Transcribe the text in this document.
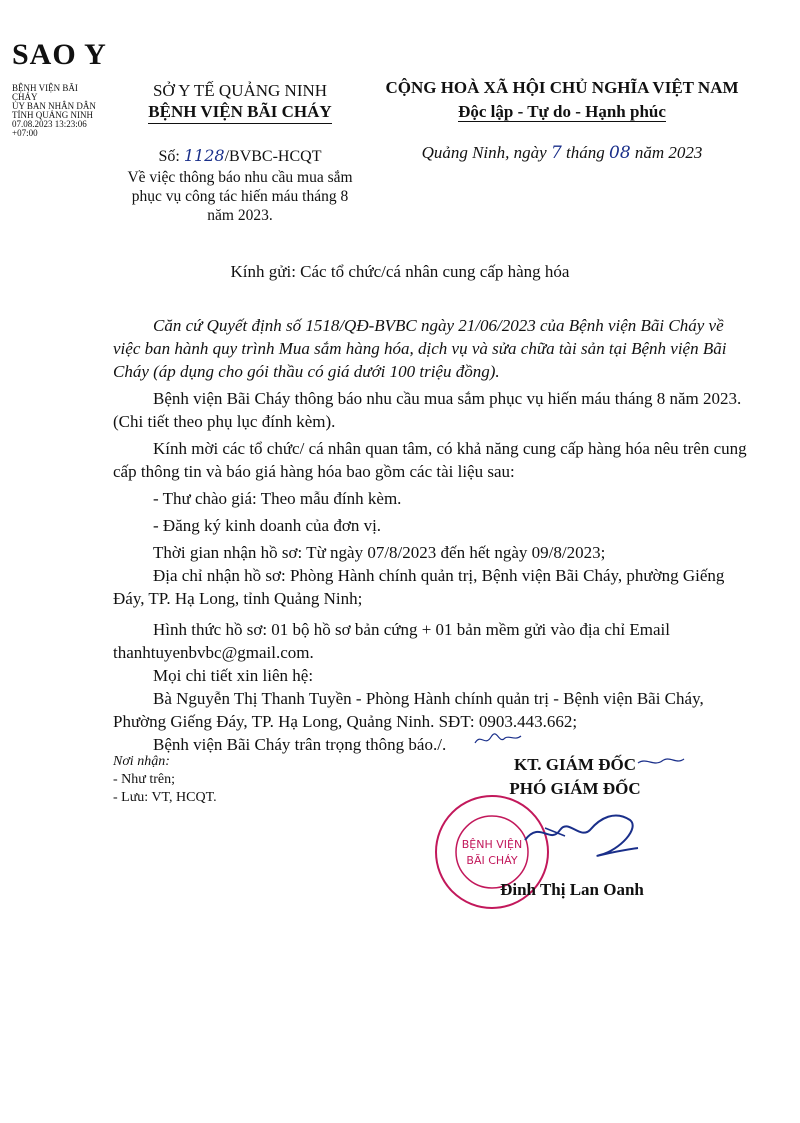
SAO Y
BỆNH VIỆN BÃI
CHÁY
ỦY BAN NHÂN DÂN
TỈNH QUẢNG NINH
07.08.2023 13:23:06
+07:00
SỞ Y TẾ QUẢNG NINH
BỆNH VIỆN BÃI CHÁY
CỘNG HOÀ XÃ HỘI CHỦ NGHĨA VIỆT NAM
Độc lập - Tự do - Hạnh phúc
Số: 1128/BVBC-HCQT
Về việc thông báo nhu cầu mua sắm phục vụ công tác hiến máu tháng 8 năm 2023.
Quảng Ninh, ngày 7 tháng 08 năm 2023
Kính gửi: Các tổ chức/cá nhân cung cấp hàng hóa

Căn cứ Quyết định số 1518/QĐ-BVBC ngày 21/06/2023 của Bệnh viện Bãi Cháy về việc ban hành quy trình Mua sắm hàng hóa, dịch vụ và sửa chữa tài sản tại Bệnh viện Bãi Cháy (áp dụng cho gói thầu có giá dưới 100 triệu đồng).

Bệnh viện Bãi Cháy thông báo nhu cầu mua sắm phục vụ hiến máu tháng 8 năm 2023. (Chi tiết theo phụ lục đính kèm).

Kính mời các tổ chức/ cá nhân quan tâm, có khả năng cung cấp hàng hóa nêu trên cung cấp thông tin và báo giá hàng hóa bao gồm các tài liệu sau:

- Thư chào giá: Theo mẫu đính kèm.

- Đăng ký kinh doanh của đơn vị.

Thời gian nhận hồ sơ: Từ ngày 07/8/2023 đến hết ngày 09/8/2023;

Địa chỉ nhận hồ sơ: Phòng Hành chính quản trị, Bệnh viện Bãi Cháy, phường Giếng Đáy, TP. Hạ Long, tỉnh Quảng Ninh;

Hình thức hồ sơ: 01 bộ hồ sơ bản cứng + 01 bản mềm gửi vào địa chỉ Email thanhtuyenbvbc@gmail.com.

Mọi chi tiết xin liên hệ:

Bà Nguyễn Thị Thanh Tuyền - Phòng Hành chính quản trị - Bệnh viện Bãi Cháy, Phường Giếng Đáy, TP. Hạ Long, Quảng Ninh. SĐT: 0903.443.662;

Bệnh viện Bãi Cháy trân trọng thông báo./.

Nơi nhận:
- Như trên;
- Lưu: VT, HCQT.
KT. GIÁM ĐỐC
PHÓ GIÁM ĐỐC
BỆNH VIỆN
BÃI CHÁY
Đinh Thị Lan Oanh
